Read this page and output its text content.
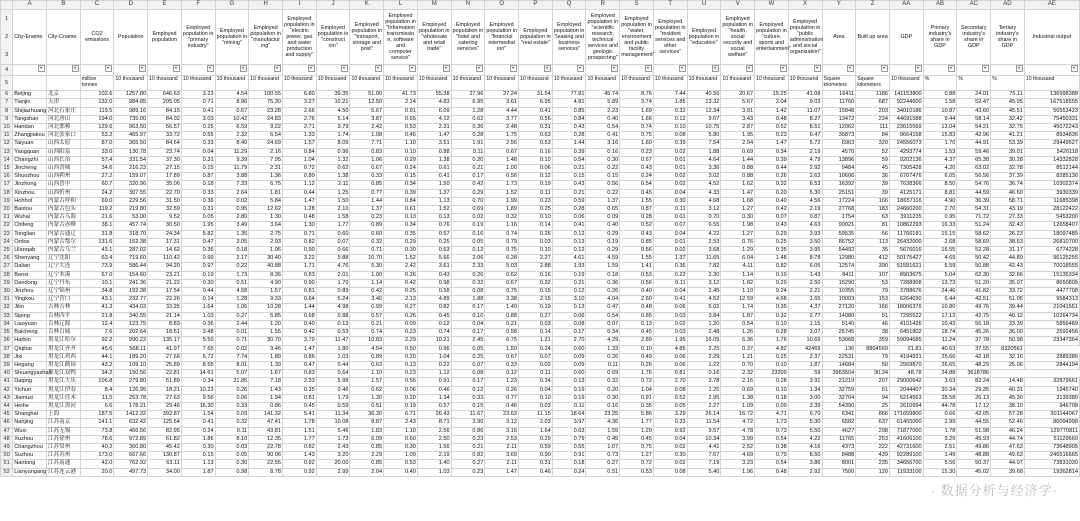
	A	B	C	D	E	F	G	H	I	J	K	L	M	N	O	P	Q	R	S	T	U	V	W	X	Y	Z	AA	AB	AC	AD	AE

1
2
3	City-Ename	City-Cname	CO2 emissions	Population	Employed population	Employed population in "primary industry"	Employed population in "mining"	Employed population in "manufactur ing"	Employed population in "electric power, gas and water production and supply"	Employed population in "construct ion"	Employed population in "transport, storage and post"	Employed population in "Information transmissio n, software and computer service"	Employed population in "wholesale and retail trade"	Employed population in "hotel and catering services"	Employed population in "financial intermediat ion"	Employed population in "real estate"	Employed population in "leasing and business services"	Employed population in "scientific research, technical services and geologic prospecting"	Employed population in "water, environment and public facility management"	Employed population in "resident services and other services"	Employed population in "education"	Employed population in "health, social security and social welfare"	Employed population in "culture, sports and entertainment"	Employed population in "public administration and social organization"	Area	Built up area	GDP	Primary industry's share in GDP	Secondary industry's share in GDP	Tertiary industry's share in GDP	Industrial output
4																															
5			million tonnes	10 thousand	10 thousand	10 thousand	10 thousand	10 thousand	10 thousand	10 thousand	10 thousand	10 thousand	10 thousand	10 thousand	10 thousand	10 thousand	10 thousand	10 thousand	10 thousand	10 thousand	10 thousand	10 thousand	10 thousand	10 thousand	Square kilometers	Square kilometers	10 thousand	%	%	%	10 thousand
6	Beijing	北京	102.6	1257.80	646.63	3.23	4.54	100.55	6.80	39.35	51.00	41.73	55.38	27.96	27.24	31.54	77.81	45.74	8.76	7.44	40.56	20.67	15.25	41.08	16411	1186	141153800	0.88	24.01	75.11	136998388
7	Tianjin	天津	132.0	984.85	205.05	0.71	8.96	75.30	3.27	10.21	12.50	2.24	4.83	6.95	3.61	6.95	4.81	5.89	3.74	1.85	13.32	5.67	2.04	9.03	11760	687	92244600	1.58	52.47	45.95	167518555
8	Shijiazhuang	河北石家庄	119.5	989.16	84.15	0.41	0.67	23.28	2.66	4.50	5.67	0.91	6.09	1.28	4.44	0.41	0.85	2.23	1.69	0.32	12.34	3.91	1.42	11.07	15848	203	34010186	10.87	43.60	45.51	56553423
9	Tangshan	河北唐山	194.0	735.00	84.02	3.03	10.42	24.83	2.76	5.14	3.87	0.65	4.12	0.62	3.77	0.56	0.84	0.40	1.66	0.12	9.07	3.43	0.48	8.27	13472	234	44691588	9.44	58.14	32.42	75450331
10	Handan	河北邯郸	129.6	963.50	56.57	0.25	6.59	9.22	2.71	3.79	2.42	0.53	2.31	0.36	2.48	0.31	0.43	0.54	0.74	0.10	10.75	2.87	0.52	8.51	12062	111	23615569	13.04	54.21	32.75	45072243
11	Zhangjiakou	河北张家口	53.2	465.97	33.72	0.55	2.32	6.54	1.33	1.74	1.08	0.46	1.47	0.28	1.75	0.63	0.28	0.41	0.75	0.08	5.80	1.95	0.23	6.47	36873	84	9664158	15.83	42.96	41.21	8934836
12	Taiyuan	山西太原	87.0	365.50	84.64	0.33	8.40	24.69	1.57	8.09	7.71	1.10	3.51	1.91	2.56	0.53	1.44	3.16	1.60	0.39	7.54	2.94	1.47	5.72	6963	320	24556073	1.70	44.91	53.39	29449527
13	Yangquan	山西阳泉	33.0	130.78	23.74	0.04	11.29	2.16	0.84	0.96	0.83	0.10	0.88	0.11	0.67	0.16	0.39	0.16	0.23	0.02	1.88	0.69	0.34	2.19	4570	52	4293774	1.53	59.46	39.01	5426118
14	Changzhi	山西长治	57.4	331.54	37.30	0.31	9.39	7.95	1.04	1.32	1.06	0.29	1.38	0.20	1.48	0.10	0.54	0.30	0.67	0.01	4.64	1.44	0.39	4.79	13896	59	9202136	4.37	65.38	30.28	14332828
15	Jincheng	山西晋城	34.6	216.23	27.15	0.15	11.79	2.31	0.72	0.62	0.67	0.24	0.61	0.21	1.00	0.06	0.21	0.22	0.43	0.01	3.36	0.88	0.44	2.92	9484	45	7305428	4.20	63.02	32.78	8512144
16	Shuozhou	山西朔州	27.2	159.07	17.89	0.87	3.88	1.36	0.80	1.38	0.33	0.15	0.41	0.17	0.56	0.12	0.15	0.15	0.24	0.02	3.02	0.88	0.26	2.63	10606	36	6707476	6.05	56.56	37.39	8285136
17	Jinzhong	山西晋中	60.7	320.96	35.06	0.18	7.33	6.75	1.12	2.11	0.85	0.34	1.50	0.42	1.73	0.19	0.43	0.56	0.54	0.02	4.52	1.62	0.32	6.53	16392	39	7638366	8.50	54.76	36.74	10302374
18	Xinzhou	山西忻州	24.2	307.55	22.70	0.33	2.64	1.81	0.44	1.25	0.77	0.39	1.37	0.29	1.52	0.11	0.21	0.22	0.45	0.04	4.33	1.47	0.20	5.30	25151	39	4125171	8.81	44.59	46.60	3930339
19	Hohhot	内蒙古呼和	69.0	229.56	31.50	0.36	0.02	5.84	1.47	1.50	1.44	0.84	1.13	0.70	1.99	0.23	0.59	1.37	1.55	0.30	4.68	1.68	0.40	4.56	17224	166	18657116	4.90	36.39	58.71	11685398
20	Baotou	内蒙古包头	119.2	219.80	32.59	0.31	0.95	12.62	1.28	2.10	1.37	0.61	1.52	0.69	1.89	0.25	0.28	0.65	0.87	0.11	3.12	1.27	0.42	2.19	27768	183	24660200	2.70	54.31	43.19	28122422
21	Wuhai	内蒙古乌海	21.6	53.00	9.52	0.05	2.80	1.30	0.48	1.58	0.23	0.13	0.13	0.02	0.32	0.10	0.06	0.09	0.28	0.01	0.70	0.30	0.07	0.87	1754	63	3911235	0.95	71.72	27.33	5453200
22	Chifeng	内蒙古赤峰	38.1	457.74	30.50	1.95	3.49	3.64	1.30	1.77	0.89	0.34	0.76	0.19	1.16	0.14	0.41	0.40	0.52	0.07	6.55	1.98	0.43	4.63	90021	81	10862293	16.33	51.24	32.43	12658407
23	Tongliao	内蒙古通辽	31.8	318.70	24.34	5.82	1.35	2.75	0.71	0.60	0.60	0.35	0.57	0.16	0.74	0.25	0.12	0.29	0.43	0.04	4.22	1.27	0.29	3.93	59535	56	11766181	15.15	58.62	26.23	18097485
24	Ordos	内蒙古鄂尔	131.6	152.38	17.31	0.47	3.05	2.93	0.82	0.07	0.32	0.29	0.25	0.05	0.79	0.03	0.13	0.19	0.85	0.01	2.53	0.76	0.25	3.50	86752	113	26432000	2.68	58.69	38.63	26810700
25	Ulanqab	内蒙古乌兰	43.1	287.02	14.62	0.36	0.18	1.06	0.90	0.66	0.71	0.30	0.63	0.12	0.75	0.10	0.12	0.29	0.56	0.02	3.68	1.29	0.35	3.95	54492	35	5676016	16.55	52.28	31.17	6774228
26	Shenyang	辽宁沈阳	63.4	719.60	110.42	0.99	2.17	30.40	3.22	5.88	10.70	1.52	5.66	2.06	6.28	2.27	4.61	4.59	1.55	1.37	11.65	6.04	1.48	8.78	12980	412	50175427	4.69	50.42	44.89	96125255
27	Dalian	辽宁大连	73.9	586.44	94.20	0.97	0.22	40.88	1.71	4.76	5.30	2.42	3.61	2.33	5.03	2.88	1.93	1.59	1.41	0.36	7.82	4.11	0.82	6.05	12574	390	51581621	6.59	50.88	42.43	70018555
28	Benxi	辽宁本溪	67.0	154.60	23.21	0.19	1.73	8.36	0.83	2.01	1.00	0.26	0.43	0.26	0.62	0.16	0.19	0.18	0.53	0.22	2.30	1.14	0.19	1.43	8411	107	8903675	5.04	62.30	32.66	15135334
29	Dandong	辽宁丹东	10.1	241.36	21.22	0.30	0.51	4.90	0.90	1.70	1.14	0.42	0.98	0.32	0.67	0.32	0.21	0.36	0.56	0.11	3.12	1.82	0.29	2.50	15290	53	7288908	13.73	51.20	35.07	8650805
30	Jinzhou	辽宁锦州	34.8	192.38	17.54	0.44	4.58	1.57	0.81	0.89	0.42	0.25	0.58	0.08	0.75	0.15	0.12	0.26	0.40	0.04	2.45	1.10	0.24	2.21	10355	79	3788676	24.46	41.82	33.72	4477708
31	Yingkou	辽宁营口	43.1	232.77	22.26	0.14	1.28	9.33	0.64	5.24	3.40	2.13	4.89	1.88	3.38	2.15	3.10	4.04	2.60	0.41	4.52	12.59	4.68	1.65	10003	153	6264030	6.44	42.51	51.05	9584313
32	Jilin	吉林吉林	41.3	434.03	33.25	1.64	1.06	10.28	1.44	4.98	0.99	0.27	0.82	0.17	1.40	0.19	0.13	0.47	0.48	0.06	5.02	1.74	0.35	4.37	27120	166	18006376	10.80	49.76	39.44	21041551
33	Siping	吉林四平	21.8	340.55	21.14	1.03	0.27	5.85	0.68	0.88	0.57	0.26	0.45	0.10	0.88	0.27	0.06	0.54	0.85	0.03	3.84	1.87	0.32	2.77	14080	51	7295522	17.13	42.75	40.12	10264734
34	Liaoyuan	吉林辽源	12.4	123.75	8.83	0.36	2.44	1.20	0.40	0.13	0.21	0.09	0.12	0.04	0.21	0.03	0.08	0.07	0.13	0.02	1.20	0.54	0.10	1.15	5140	46	4101426	10.43	56.18	33.39	5856489
35	Baicheng	吉林白城	7.6	202.64	18.51	3.48	0.01	1.55	0.42	0.53	0.74	0.23	0.74	0.17	0.58	0.14	0.17	0.34	0.45	0.03	2.48	1.26	0.28	3.07	25745	38	6451802	18.74	45.26	36.00	2592456
36	Harbin	黑龙江哈尔	92.2	990.22	135.17	5.50	0.71	30.70	3.79	11.47	10.83	2.29	10.21	2.45	6.75	1.21	2.70	4.29	2.89	1.95	16.09	6.36	1.76	10.69	53068	359	59094685	11.24	37.78	50.98	23347364
37	Qiqihar	黑龙江齐齐	45.6	568.11	41.97	7.65	0.02	9.46	1.47	1.80	4.54	0.50	0.96	0.05	1.50	0.24	0.60	1.33	0.10	4.85	2.25	0.37	4.82	42469	136	8804569	21.81	40.63	37.55	8320561	
38	Jixi	黑龙江鸡西	44.1	189.20	27.66	6.72	7.74	1.89	0.86	1.03	0.89	0.20	1.04	0.25	0.67	0.07	0.09	0.26	0.49	0.06	2.29	1.21	0.25	2.37	22531	79	4194931	25.66	42.18	32.16	2889386
39	Hegang	黑龙江鹤岗	43.2	109.10	25.89	8.55	8.01	1.39	0.47	0.44	0.63	0.13	0.22	0.07	0.33	0.02	0.09	0.11	0.26	0.06	1.22	0.70	0.10	1.87	14684	50	2569870	26.65	48.29	25.06	2844194
40	Shuangyashan	黑龙江双鸭	34.2	150.56	22.81	14.61	5.07	1.67	0.83	0.64	1.10	0.23	1.12	0.08	0.12	0.11	0.60	0.69	1.76	0.81	0.16	2.32	23209	59	3963504	30.34	48.78	24.88	3618786		
41	Daqing	黑龙江大庆	106.8	279.80	51.89	0.34	21.85	7.18	2.33	5.98	1.57	0.56	0.91	0.17	1.23	0.34	0.13	0.32	0.72	2.70	3.78	2.16	0.28	3.91	21219	207	29000642	3.63	82.24	14.48	32879661
42	Yichun	黑龙江伊春	8.4	126.95	18.21	10.23	0.26	1.43	0.35	0.46	0.62	0.06	0.46	0.12	0.26	0.04	0.19	0.20	1.04	0.08	1.25	0.69	0.10	1.34	32759	51	2044407	30.34	29.35	40.31	1945740
43	Jiamusi	黑龙江佳木	11.5	253.78	27.63	9.56	0.06	1.94	0.81	1.79	1.30	0.20	1.34	0.33	0.77	0.10	0.19	0.30	0.91	0.52	2.95	1.38	0.18	3.00	32704	94	5214563	28.58	26.13	45.30	3139380
44	Heihe	黑龙江黑河	6.6	178.21	29.46	16.30	0.33	0.86	0.45	0.59	0.51	0.19	0.57	0.15	0.46	0.03	0.11	0.16	0.35	0.05	2.27	1.09	0.09	3.39	54390	25	2610994	44.78	17.12	38.10	946708
45	Shanghai	上海	187.5	1412.32	392.87	1.54	0.09	141.32	5.41	11.34	36.30	6.71	26.43	11.67	23.63	11.15	18.64	23.25	5.86	3.29	26.14	16.72	4.71	6.70	6341	866	171659800	0.66	42.05	57.28	301144067
46	Nanjing	江苏南京	141.1	632.42	125.64	0.41	0.32	47.41	1.78	10.08	8.87	2.43	8.71	3.90	3.12	2.03	3.97	4.36	1.77	0.33	11.54	4.72	1.73	5.30	6582	637	61455000	2.99	44.55	52.46	86094998
47	Wuxi	江苏无锡	73.8	466.56	82.95	0.24	0.11	43.81	1.51	5.46	1.83	1.10	2.56	0.86	3.16	1.64	0.63	1.55	1.20	0.92	9.57	4.78	0.73	5.50	4627	298	71877000	1.78	51.98	46.24	129770811
48	Xuzhou	江苏徐州	78.6	972.89	61.82	1.86	8.10	12.35	1.77	1.73	6.09	0.60	2.50	0.23	2.53	0.29	0.79	0.45	0.45	0.04	10.34	3.99	0.54	4.22	11765	253	41606100	9.29	45.93	44.74	51129660
49	Changzhou	江苏常州	40.2	360.80	45.42	0.30	0.03	22.78	0.82	2.43	0.85	0.30	1.56	0.21	2.11	0.59	0.55	1.07	0.75	0.02	4.41	2.52	0.38	4.16	4373	222	42731600	2.51	49.86	47.63	73648905
50	Suzhou	江苏苏州	173.0	667.66	130.87	0.15	0.05	90.06	1.43	3.20	2.29	1.09	2.19	0.82	3.69	0.90	0.91	0.73	1.27	0.30	7.67	4.69	0.79	8.50	8488	439	92289100	1.49	48.88	49.63	246516665
51	Nantong	江苏南通	42.0	762.92	63.11	1.13	0.30	22.55	0.92	20.00	0.85	0.53	1.40	0.27	2.11	0.31	0.18	0.27	0.72	0.02	7.19	3.23	0.54	3.86	8001	235	34656700	5.56	50.37	44.07	73831030
52	Lianyungang	江苏连云港	20.0	497.73	34.00	1.87	0.98	8.78	0.92	2.99	2.04	0.40	1.03	0.23	1.47	0.46	0.24	0.51	0.53	0.08	5.40	1.96	0.48	2.92	7500	120	11933100	15.30	45.02	39.68	19362814
· 数据分析与经济学·
